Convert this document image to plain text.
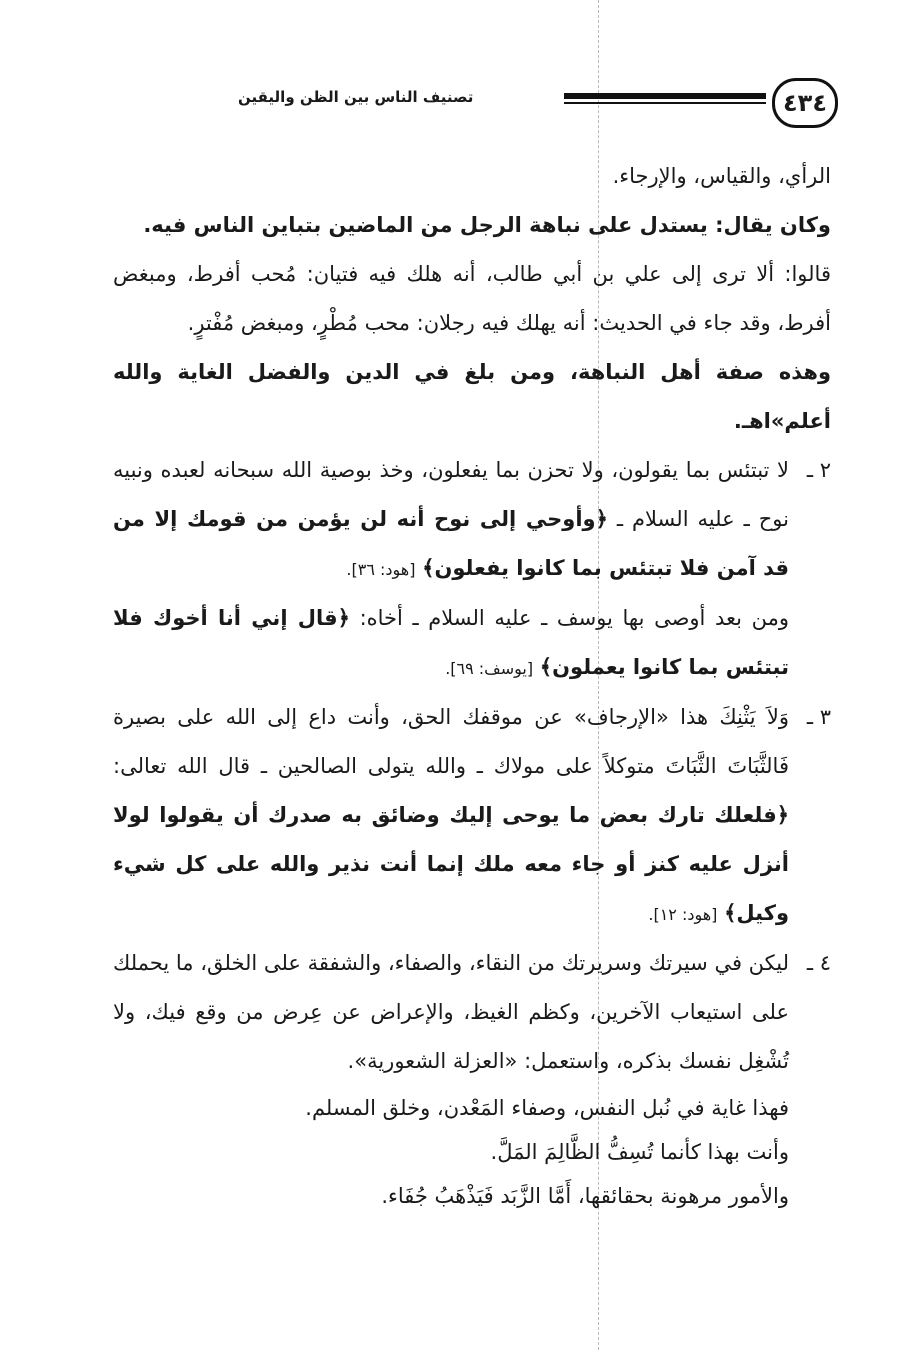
٤٣٤
تصنيف الناس بين الظن واليقين

الرأي، والقياس، والإرجاء.

وكان يقال: يستدل على نباهة الرجل من الماضين بتباين الناس فيه.

قالوا: ألا ترى إلى علي بن أبي طالب، أنه هلك فيه فتيان: مُحب أفرط، ومبغض أفرط، وقد جاء في الحديث: أنه يهلك فيه رجلان: محب مُطْرٍ، ومبغض مُفْترٍ.

وهذه صفة أهل النباهة، ومن بلغ في الدين والفضل الغاية والله أعلم»اهـ.

٢ ـ

لا تبتئس بما يقولون، ولا تحزن بما يفعلون، وخذ بوصية الله سبحانه لعبده ونبيه نوح ـ عليه السلام ـ ﴿وأوحي إلى نوح أنه لن يؤمن من قومك إلا من قد آمن فلا تبتئس بما كانوا يفعلون﴾ [هود: ٣٦].

ومن بعد أوصى بها يوسف ـ عليه السلام ـ أخاه: ﴿قال إني أنا أخوك فلا تبتئس بما كانوا يعملون﴾ [يوسف: ٦٩].

٣ ـ

وَلاَ يَثْنِكَ هذا «الإرجاف» عن موقفك الحق، وأنت داع إلى الله على بصيرة فَالثَّبَاتَ الثَّبَاتَ متوكلاً على مولاك ـ والله يتولى الصالحين ـ قال الله تعالى: ﴿فلعلك تارك بعض ما يوحى إليك وضائق به صدرك أن يقولوا لولا أنزل عليه كنز أو جاء معه ملك إنما أنت نذير والله على كل شيء وكيل﴾ [هود: ١٢].

٤ ـ

ليكن في سيرتك وسريرتك من النقاء، والصفاء، والشفقة على الخلق، ما يحملك على استيعاب الآخرين، وكظم الغيظ، والإعراض عن عِرض من وقع فيك، ولا تُشْغِل نفسك بذكره، واستعمل: «العزلة الشعورية».

فهذا غاية في نُبل النفس، وصفاء المَعْدن، وخلق المسلم.

وأنت بهذا كأنما تُسِفُّ الظَّالِمَ المَلَّ.

والأمور مرهونة بحقائقها، أَمَّا الزَّبَد فَيَذْهَبُ جُفَاء.
